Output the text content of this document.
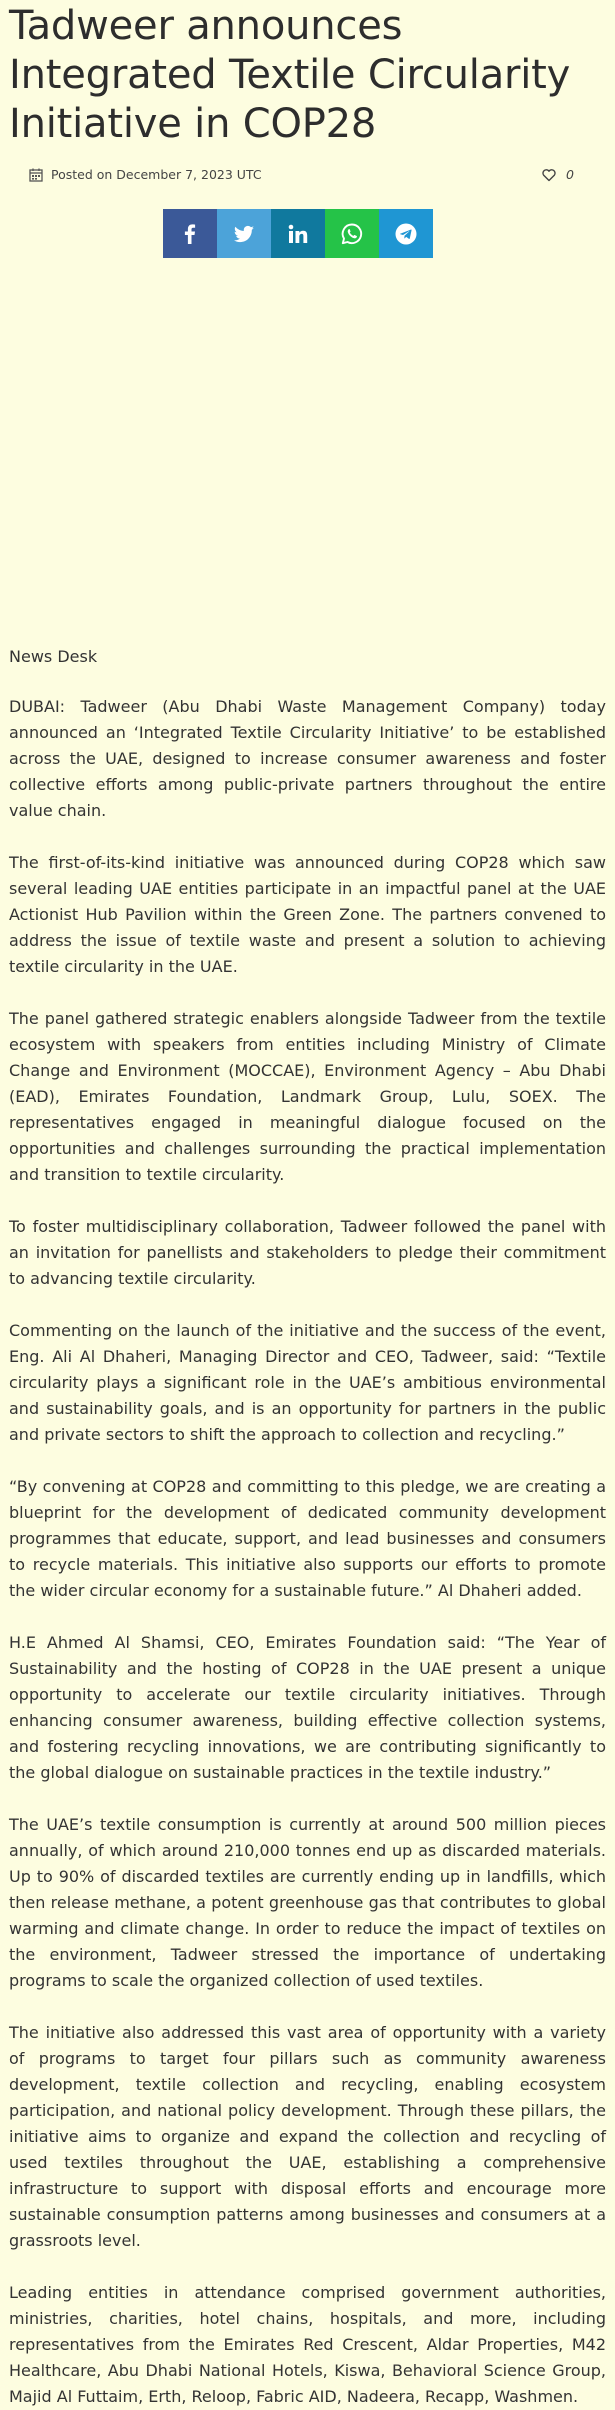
Tadweer announces Integrated Textile Circularity Initiative in COP28
Posted on December 7, 2023 UTC	0
News Desk

DUBAI: Tadweer (Abu Dhabi Waste Management Company) today announced an ‘Integrated Textile Circularity Initiative’ to be established across the UAE, designed to increase consumer awareness and foster collective efforts among public-private partners throughout the entire value chain.

The first-of-its-kind initiative was announced during COP28 which saw several leading UAE entities participate in an impactful panel at the UAE Actionist Hub Pavilion within the Green Zone. The partners convened to address the issue of textile waste and present a solution to achieving textile circularity in the UAE.

The panel gathered strategic enablers alongside Tadweer from the textile ecosystem with speakers from entities including Ministry of Climate Change and Environment (MOCCAE), Environment Agency – Abu Dhabi (EAD), Emirates Foundation, Landmark Group, Lulu, SOEX. The representatives engaged in meaningful dialogue focused on the opportunities and challenges surrounding the practical implementation and transition to textile circularity.

To foster multidisciplinary collaboration, Tadweer followed the panel with an invitation for panellists and stakeholders to pledge their commitment to advancing textile circularity.

Commenting on the launch of the initiative and the success of the event, Eng. Ali Al Dhaheri, Managing Director and CEO, Tadweer, said: “Textile circularity plays a significant role in the UAE’s ambitious environmental and sustainability goals, and is an opportunity for partners in the public and private sectors to shift the approach to collection and recycling.”

“By convening at COP28 and committing to this pledge, we are creating a blueprint for the development of dedicated community development programmes that educate, support, and lead businesses and consumers to recycle materials. This initiative also supports our efforts to promote the wider circular economy for a sustainable future.” Al Dhaheri added.

H.E Ahmed Al Shamsi, CEO, Emirates Foundation said: “The Year of Sustainability and the hosting of COP28 in the UAE present a unique opportunity to accelerate our textile circularity initiatives. Through enhancing consumer awareness, building effective collection systems, and fostering recycling innovations, we are contributing significantly to the global dialogue on sustainable practices in the textile industry.”

The UAE’s textile consumption is currently at around 500 million pieces annually, of which around 210,000 tonnes end up as discarded materials. Up to 90% of discarded textiles are currently ending up in landfills, which then release methane, a potent greenhouse gas that contributes to global warming and climate change. In order to reduce the impact of textiles on the environment, Tadweer stressed the importance of undertaking programs to scale the organized collection of used textiles.

The initiative also addressed this vast area of opportunity with a variety of programs to target four pillars such as community awareness development, textile collection and recycling, enabling ecosystem participation, and national policy development. Through these pillars, the initiative aims to organize and expand the collection and recycling of used textiles throughout the UAE, establishing a comprehensive infrastructure to support with disposal efforts and encourage more sustainable consumption patterns among businesses and consumers at a grassroots level.

Leading entities in attendance comprised government authorities, ministries, charities, hotel chains, hospitals, and more, including representatives from the Emirates Red Crescent, Aldar Properties, M42 Healthcare, Abu Dhabi National Hotels, Kiswa, Behavioral Science Group, Majid Al Futtaim, Erth, Reloop, Fabric AID, Nadeera, Recapp, Washmen.
